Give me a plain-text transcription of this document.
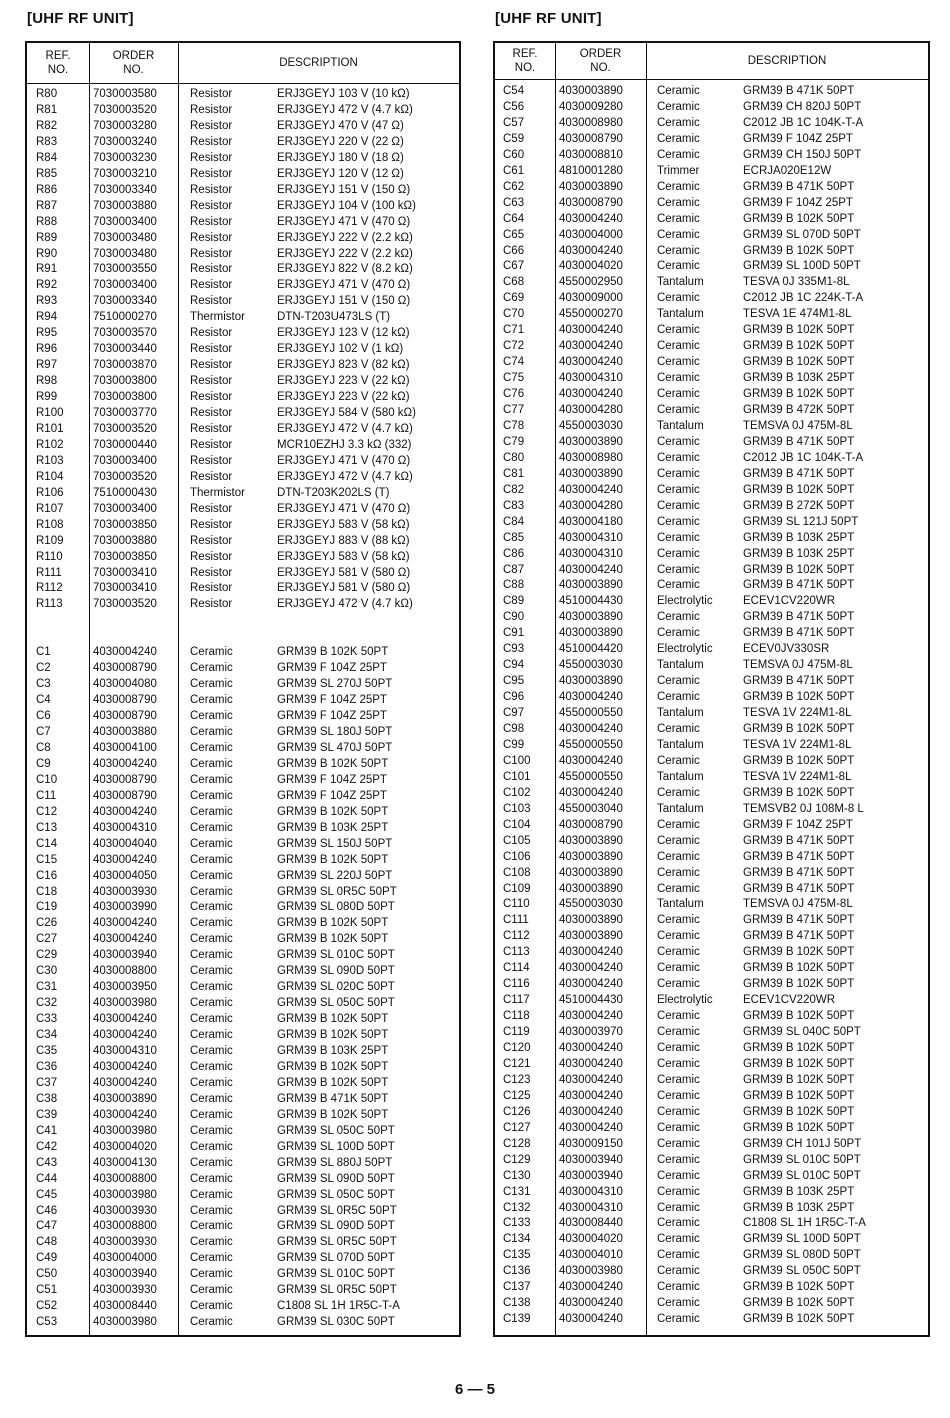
[UHF RF UNIT]	[UHF RF UNIT]
REF.
NO.
ORDER
NO.
DESCRIPTION
R80	7030003580	Resistor	ERJ3GEYJ 103 V (10 kΩ)
R81	7030003520	Resistor	ERJ3GEYJ 472 V (4.7 kΩ)
R82	7030003280	Resistor	ERJ3GEYJ 470 V (47 Ω)
R83	7030003240	Resistor	ERJ3GEYJ 220 V (22 Ω)
R84	7030003230	Resistor	ERJ3GEYJ 180 V (18 Ω)
R85	7030003210	Resistor	ERJ3GEYJ 120 V (12 Ω)
R86	7030003340	Resistor	ERJ3GEYJ 151 V (150 Ω)
R87	7030003880	Resistor	ERJ3GEYJ 104 V (100 kΩ)
R88	7030003400	Resistor	ERJ3GEYJ 471 V (470 Ω)
R89	7030003480	Resistor	ERJ3GEYJ 222 V (2.2 kΩ)
R90	7030003480	Resistor	ERJ3GEYJ 222 V (2.2 kΩ)
R91	7030003550	Resistor	ERJ3GEYJ 822 V (8.2 kΩ)
R92	7030003400	Resistor	ERJ3GEYJ 471 V (470 Ω)
R93	7030003340	Resistor	ERJ3GEYJ 151 V (150 Ω)
R94	7510000270	Thermistor	DTN-T203U473LS (T)
R95	7030003570	Resistor	ERJ3GEYJ 123 V (12 kΩ)
R96	7030003440	Resistor	ERJ3GEYJ 102 V (1 kΩ)
R97	7030003870	Resistor	ERJ3GEYJ 823 V (82 kΩ)
R98	7030003800	Resistor	ERJ3GEYJ 223 V (22 kΩ)
R99	7030003800	Resistor	ERJ3GEYJ 223 V (22 kΩ)
R100	7030003770	Resistor	ERJ3GEYJ 584 V (580 kΩ)
R101	7030003520	Resistor	ERJ3GEYJ 472 V (4.7 kΩ)
R102	7030000440	Resistor	MCR10EZHJ 3.3 kΩ (332)
R103	7030003400	Resistor	ERJ3GEYJ 471 V (470 Ω)
R104	7030003520	Resistor	ERJ3GEYJ 472 V (4.7 kΩ)
R106	7510000430	Thermistor	DTN-T203K202LS (T)
R107	7030003400	Resistor	ERJ3GEYJ 471 V (470 Ω)
R108	7030003850	Resistor	ERJ3GEYJ 583 V (58 kΩ)
R109	7030003880	Resistor	ERJ3GEYJ 883 V (88 kΩ)
R110	7030003850	Resistor	ERJ3GEYJ 583 V (58 kΩ)
R111	7030003410	Resistor	ERJ3GEYJ 581 V (580 Ω)
R112	7030003410	Resistor	ERJ3GEYJ 581 V (580 Ω)
R113	7030003520	Resistor	ERJ3GEYJ 472 V (4.7 kΩ)
C1	4030004240	Ceramic	GRM39 B 102K 50PT
C2	4030008790	Ceramic	GRM39 F 104Z 25PT
C3	4030004080	Ceramic	GRM39 SL 270J 50PT
C4	4030008790	Ceramic	GRM39 F 104Z 25PT
C6	4030008790	Ceramic	GRM39 F 104Z 25PT
C7	4030003880	Ceramic	GRM39 SL 180J 50PT
C8	4030004100	Ceramic	GRM39 SL 470J 50PT
C9	4030004240	Ceramic	GRM39 B 102K 50PT
C10	4030008790	Ceramic	GRM39 F 104Z 25PT
C11	4030008790	Ceramic	GRM39 F 104Z 25PT
C12	4030004240	Ceramic	GRM39 B 102K 50PT
C13	4030004310	Ceramic	GRM39 B 103K 25PT
C14	4030004040	Ceramic	GRM39 SL 150J 50PT
C15	4030004240	Ceramic	GRM39 B 102K 50PT
C16	4030004050	Ceramic	GRM39 SL 220J 50PT
C18	4030003930	Ceramic	GRM39 SL 0R5C 50PT
C19	4030003990	Ceramic	GRM39 SL 080D 50PT
C26	4030004240	Ceramic	GRM39 B 102K 50PT
C27	4030004240	Ceramic	GRM39 B 102K 50PT
C29	4030003940	Ceramic	GRM39 SL 010C 50PT
C30	4030008800	Ceramic	GRM39 SL 090D 50PT
C31	4030003950	Ceramic	GRM39 SL 020C 50PT
C32	4030003980	Ceramic	GRM39 SL 050C 50PT
C33	4030004240	Ceramic	GRM39 B 102K 50PT
C34	4030004240	Ceramic	GRM39 B 102K 50PT
C35	4030004310	Ceramic	GRM39 B 103K 25PT
C36	4030004240	Ceramic	GRM39 B 102K 50PT
C37	4030004240	Ceramic	GRM39 B 102K 50PT
C38	4030003890	Ceramic	GRM39 B 471K 50PT
C39	4030004240	Ceramic	GRM39 B 102K 50PT
C41	4030003980	Ceramic	GRM39 SL 050C 50PT
C42	4030004020	Ceramic	GRM39 SL 100D 50PT
C43	4030004130	Ceramic	GRM39 SL 880J 50PT
C44	4030008800	Ceramic	GRM39 SL 090D 50PT
C45	4030003980	Ceramic	GRM39 SL 050C 50PT
C46	4030003930	Ceramic	GRM39 SL 0R5C 50PT
C47	4030008800	Ceramic	GRM39 SL 090D 50PT
C48	4030003930	Ceramic	GRM39 SL 0R5C 50PT
C49	4030004000	Ceramic	GRM39 SL 070D 50PT
C50	4030003940	Ceramic	GRM39 SL 010C 50PT
C51	4030003930	Ceramic	GRM39 SL 0R5C 50PT
C52	4030008440	Ceramic	C1808 SL 1H 1R5C-T-A
C53	4030003980	Ceramic	GRM39 SL 030C 50PT
REF.
NO.
ORDER
NO.
DESCRIPTION
C54	4030003890	Ceramic	GRM39 B 471K 50PT
C56	4030009280	Ceramic	GRM39 CH 820J 50PT
C57	4030008980	Ceramic	C2012 JB 1C 104K-T-A
C59	4030008790	Ceramic	GRM39 F 104Z 25PT
C60	4030008810	Ceramic	GRM39 CH 150J 50PT
C61	4810001280	Trimmer	ECRJA020E12W
C62	4030003890	Ceramic	GRM39 B 471K 50PT
C63	4030008790	Ceramic	GRM39 F 104Z 25PT
C64	4030004240	Ceramic	GRM39 B 102K 50PT
C65	4030004000	Ceramic	GRM39 SL 070D 50PT
C66	4030004240	Ceramic	GRM39 B 102K 50PT
C67	4030004020	Ceramic	GRM39 SL 100D 50PT
C68	4550002950	Tantalum	TESVA 0J 335M1-8L
C69	4030009000	Ceramic	C2012 JB 1C 224K-T-A
C70	4550000270	Tantalum	TESVA 1E 474M1-8L
C71	4030004240	Ceramic	GRM39 B 102K 50PT
C72	4030004240	Ceramic	GRM39 B 102K 50PT
C74	4030004240	Ceramic	GRM39 B 102K 50PT
C75	4030004310	Ceramic	GRM39 B 103K 25PT
C76	4030004240	Ceramic	GRM39 B 102K 50PT
C77	4030004280	Ceramic	GRM39 B 472K 50PT
C78	4550003030	Tantalum	TEMSVA 0J 475M-8L
C79	4030003890	Ceramic	GRM39 B 471K 50PT
C80	4030008980	Ceramic	C2012 JB 1C 104K-T-A
C81	4030003890	Ceramic	GRM39 B 471K 50PT
C82	4030004240	Ceramic	GRM39 B 102K 50PT
C83	4030004280	Ceramic	GRM39 B 272K 50PT
C84	4030004180	Ceramic	GRM39 SL 121J 50PT
C85	4030004310	Ceramic	GRM39 B 103K 25PT
C86	4030004310	Ceramic	GRM39 B 103K 25PT
C87	4030004240	Ceramic	GRM39 B 102K 50PT
C88	4030003890	Ceramic	GRM39 B 471K 50PT
C89	4510004430	Electrolytic	ECEV1CV220WR
C90	4030003890	Ceramic	GRM39 B 471K 50PT
C91	4030003890	Ceramic	GRM39 B 471K 50PT
C93	4510004420	Electrolytic	ECEV0JV330SR
C94	4550003030	Tantalum	TEMSVA 0J 475M-8L
C95	4030003890	Ceramic	GRM39 B 471K 50PT
C96	4030004240	Ceramic	GRM39 B 102K 50PT
C97	4550000550	Tantalum	TESVA 1V 224M1-8L
C98	4030004240	Ceramic	GRM39 B 102K 50PT
C99	4550000550	Tantalum	TESVA 1V 224M1-8L
C100 4030004240	Ceramic	GRM39 B 102K 50PT
C101 4550000550	Tantalum	TESVA 1V 224M1-8L
C102 4030004240	Ceramic	GRM39 B 102K 50PT
C103 4550003040	Tantalum	TEMSVB2 0J 108M-8 L
C104 4030008790	Ceramic	GRM39 F 104Z 25PT
C105 4030003890	Ceramic	GRM39 B 471K 50PT
C106 4030003890	Ceramic	GRM39 B 471K 50PT
C108 4030003890	Ceramic	GRM39 B 471K 50PT
C109 4030003890	Ceramic	GRM39 B 471K 50PT
C110	4550003030	Tantalum	TEMSVA 0J 475M-8L
C111	4030003890	Ceramic	GRM39 B 471K 50PT
C112	4030003890	Ceramic	GRM39 B 471K 50PT
C113	4030004240	Ceramic	GRM39 B 102K 50PT
C114	4030004240	Ceramic	GRM39 B 102K 50PT
C116	4030004240	Ceramic	GRM39 B 102K 50PT
C117	4510004430	Electrolytic	ECEV1CV220WR
C118	4030004240	Ceramic	GRM39 B 102K 50PT
C119	4030003970	Ceramic	GRM39 SL 040C 50PT
C120 4030004240	Ceramic	GRM39 B 102K 50PT
C121 4030004240	Ceramic	GRM39 B 102K 50PT
C123 4030004240	Ceramic	GRM39 B 102K 50PT
C125 4030004240	Ceramic	GRM39 B 102K 50PT
C126 4030004240	Ceramic	GRM39 B 102K 50PT
C127 4030004240	Ceramic	GRM39 B 102K 50PT
C128 4030009150	Ceramic	GRM39 CH 101J 50PT
C129 4030003940	Ceramic	GRM39 SL 010C 50PT
C130 4030003940	Ceramic	GRM39 SL 010C 50PT
C131 4030004310	Ceramic	GRM39 B 103K 25PT
C132 4030004310	Ceramic	GRM39 B 103K 25PT
C133 4030008440	Ceramic	C1808 SL 1H 1R5C-T-A
C134 4030004020	Ceramic	GRM39 SL 100D 50PT
C135 4030004010	Ceramic	GRM39 SL 080D 50PT
C136 4030003980	Ceramic	GRM39 SL 050C 50PT
C137 4030004240	Ceramic	GRM39 B 102K 50PT
C138 4030004240	Ceramic	GRM39 B 102K 50PT
C139 4030004240	Ceramic	GRM39 B 102K 50PT
6 — 5
